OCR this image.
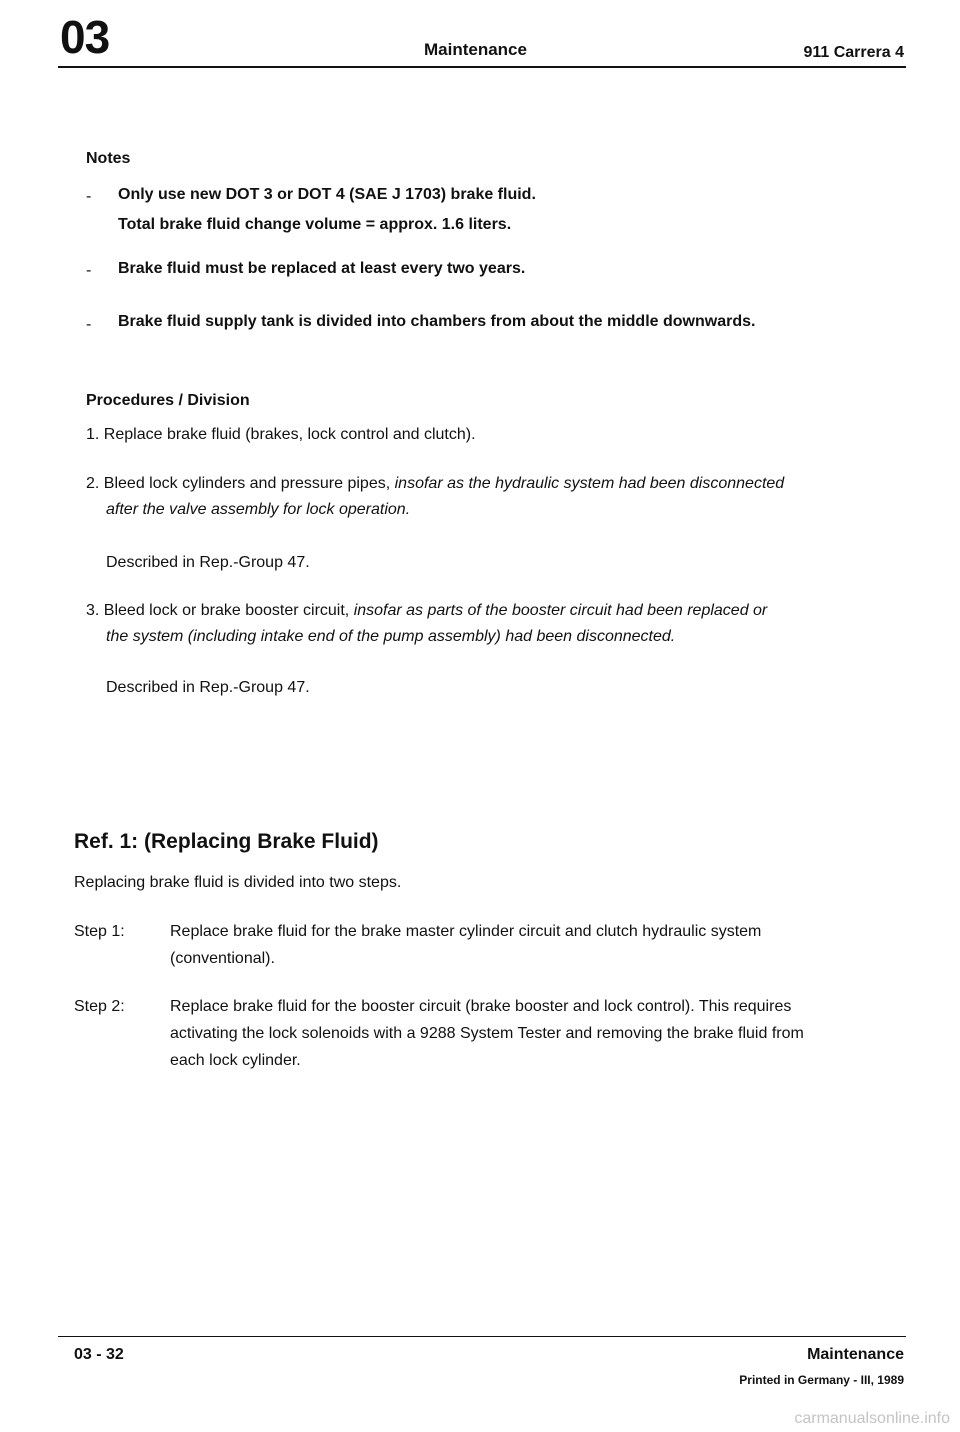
03	Maintenance	911 Carrera 4
Notes
- Only use new DOT 3 or DOT 4 (SAE J 1703) brake fluid.
Total brake fluid change volume = approx. 1.6 liters.
- Brake fluid must be replaced at least every two years.
- Brake fluid supply tank is divided into chambers from about the middle downwards.
Procedures / Division
1. Replace brake fluid (brakes, lock control and clutch).
2. Bleed lock cylinders and pressure pipes, insofar as the hydraulic system had been disconnected
after the valve assembly for lock operation.
Described in Rep.-Group 47.
3. Bleed lock or brake booster circuit, insofar as parts of the booster circuit had been replaced or
the system (including intake end of the pump assembly) had been disconnected.
Described in Rep.-Group 47.
Ref. 1: (Replacing Brake Fluid)
Replacing brake fluid is divided into two steps.
Step 1:	Replace brake fluid for the brake master cylinder circuit and clutch hydraulic system
(conventional).
Step 2:	Replace brake fluid for the booster circuit (brake booster and lock control). This requires
activating the lock solenoids with a 9288 System Tester and removing the brake fluid from
each lock cylinder.
03 - 32	Maintenance
Printed in Germany - III, 1989
carmanualsonline.info
